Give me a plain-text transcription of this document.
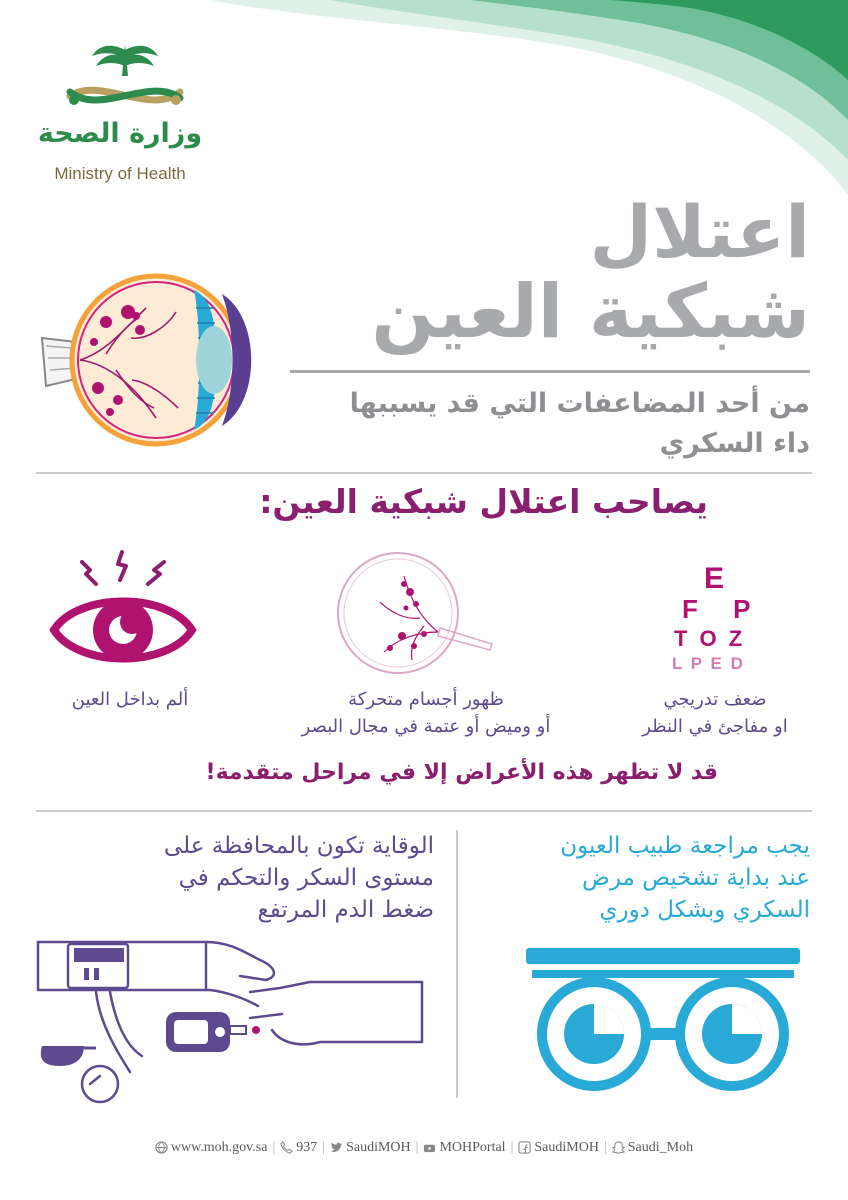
وزارة الصحة
Ministry of Health
اعتلال
شبكية العين
من أحد المضاعفات التي قد يسببها
داء السكري
يصاحب اعتلال شبكية العين:
ألم بداخل العين	ظهور أجسام متحركة
أو وميض أو عتمة في مجال البصر
E
F P
T O Z
L P E D
ضعف تدريجي
او مفاجئ في النظر
قد لا تظهر هذه الأعراض إلا في مراحل متقدمة!
الوقاية تكون بالمحافظة على
مستوى السكر والتحكم في
ضغط الدم المرتفع
يجب مراجعة طبيب العيون
عند بداية تشخيص مرض
السكري وبشكل دوري
www.moh.gov.sa | 937 | SaudiMOH | MOHPortal | SaudiMOH | Saudi_Moh
